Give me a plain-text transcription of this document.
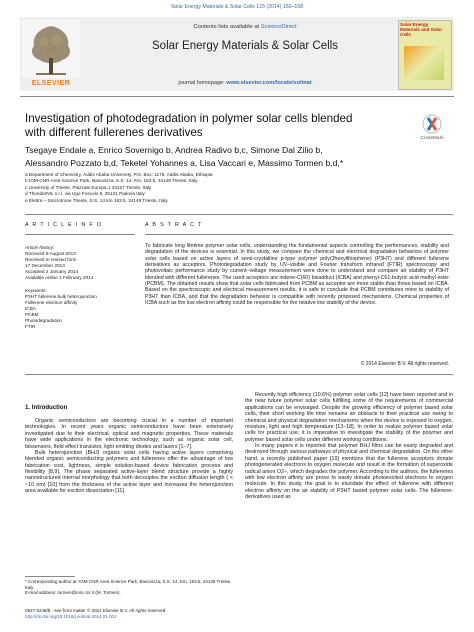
Solar Energy Materials & Solar Cells 123 (2014) 150–158
ELSEVIER
Contents lists available at ScienceDirect
Solar Energy Materials & Solar Cells
journal homepage: www.elsevier.com/locate/solmat
Solar Energy Materials and Solar Cells
Investigation of photodegradation in polymer solar cells blended
with different fullerenes derivatives	CrossMark
Tsegaye Endale a, Enrico Sovernigo b, Andrea Radivo b,c, Simone Dal Zilio b,
Alessandro Pozzato b,d, Teketel Yohannes a, Lisa Vaccari e, Massimo Tormen b,d,*
a Department of Chemistry, Addis Ababa University, P.O. Box: 1176, Addis Ababa, Ethiopia
b IOM-CNR Area Science Park, Basovizza, S.S. 14, Km. 163.5, 34149 Trieste, Italy
c University of Trieste, Piazzale Europa,1 34127 Trieste, Italy
d ThunderNIL s.r.l. via Ugo Foscolo 8, 35131 Padova Italy
e Elettra – Sincrotrone Trieste, S.S. 14 km 163.5, 34149 Trieste, Italy
A R T I C L E I N F O	A B S T R A C T
Article history:
Received 9 August 2013
Received in revised form
17 December 2013
Accepted 2 January 2014
Available online 1 February 2014
Keywords:
P3HT fullerene bulk heterojunction
Fullerene electron affinity
ICBA
PCBM
Photodegradation
FTIR
To fabricate long lifetime polymer solar cells, understanding the fundamental aspects controlling the performances, stability and degradation of the devices is essential. In this study, we compare the chemical and electrical degradation behaviors of polymer solar cells based on active layers of semi-crystalline p-type polymer poly(3hexylthiophene) (P3HT) and different fullerene derivatives as acceptors. Photodegradation study by UV–visible and Fourier transform infrared (FTIR) spectroscopy and photovoltaic performance study by current–voltage measurement were done to understand and compare air stability of P3HT blended with different fullerenes. The used acceptors are indene-C(60) bisadduct (ICBA) and phenyl-C61-butyric acid methyl ester (PCBM). The obtained results show that solar cells fabricated from PCBM as acceptor are more stable than those based on ICBA. Based on the spectroscopic and electrical measurement results, it is safe to conclude that PCBM contributes more to stability of P3HT than ICBA, and that the degradation behavior is compatible with recently proposed mechanisms. Chemical properties of ICBA such as the low electron affinity could be responsible for the relative low stability of the device.
© 2014 Elsevier B.V. All rights reserved.
1. Introduction

Organic semiconductors are becoming crucial in a number of important technologies. In recent years organic semiconductors have been extensively investigated due to their electrical, optical and magnetic properties. These materials have wide applications in the electronic technology, such as organic solar cell, biosensors, field effect transistor, light emitting diodes and lasers [1–7].

Bulk heterojunction (BHJ) organic solar cells having active layers comprising blended organic semiconducting polymers and fullerenes offer the advantage of low fabrication cost, lightness, simple solution-based device fabrication process and flexibility [8,9]. The phase separated active-layer blend structure provide a highly nanostructured internal morphology that both decouples the exciton diffusion length ( < ~10 nm) [10] from the thickness of the active layer and increases the heterojunction area available for exciton dissociation [11].

Recently high efficiency (10.6%) polymer solar cells [12] have been reported and in the near future polymer solar cells fulfilling some of the requirements of commercial applications can be envisaged. Despite the growing efficiency of polymer based solar cells, their short working life time remains an obstacle to their practical use owing to chemical and physical degradation mechanisms when the device is exposed to oxygen, moisture, light and high temperature [13–18]. In order to realize polymer based solar cells for practical use, it is imperative to investigate the stability of the polymer and polymer based solar cells under different working conditions.

In many papers it is reported that polymer BHJ films can be easily degraded and destroyed through various pathways of physical and chemical degradation. On the other hand, a recently published paper [19] mentions that the fullerene acceptors donate photogenerated electrons to oxygen molecule and result in the formation of superoxide radical anion O2−, which degrades the polymer. According to the authors, the fullerenes with low electron affinity are prone to easily donate photoexcited electrons to oxygen molecule. In this study, the goal is to elucidate the effect of fullerene with different electron affinity on the air stability of P3HT based polymer solar cells. The fullerene-derivatives used as

* Corresponding author at: IOM-CNR Area Science Park, Basovizza, S.S. 14, Km. 163.5, 34149 Trieste, Italy.
E-mail address: tormen@iom.cnr.it (M. Tormen).
0927-0248/$ - see front matter © 2014 Elsevier B.V. All rights reserved.
http://dx.doi.org/10.1016/j.solmat.2014.01.001
